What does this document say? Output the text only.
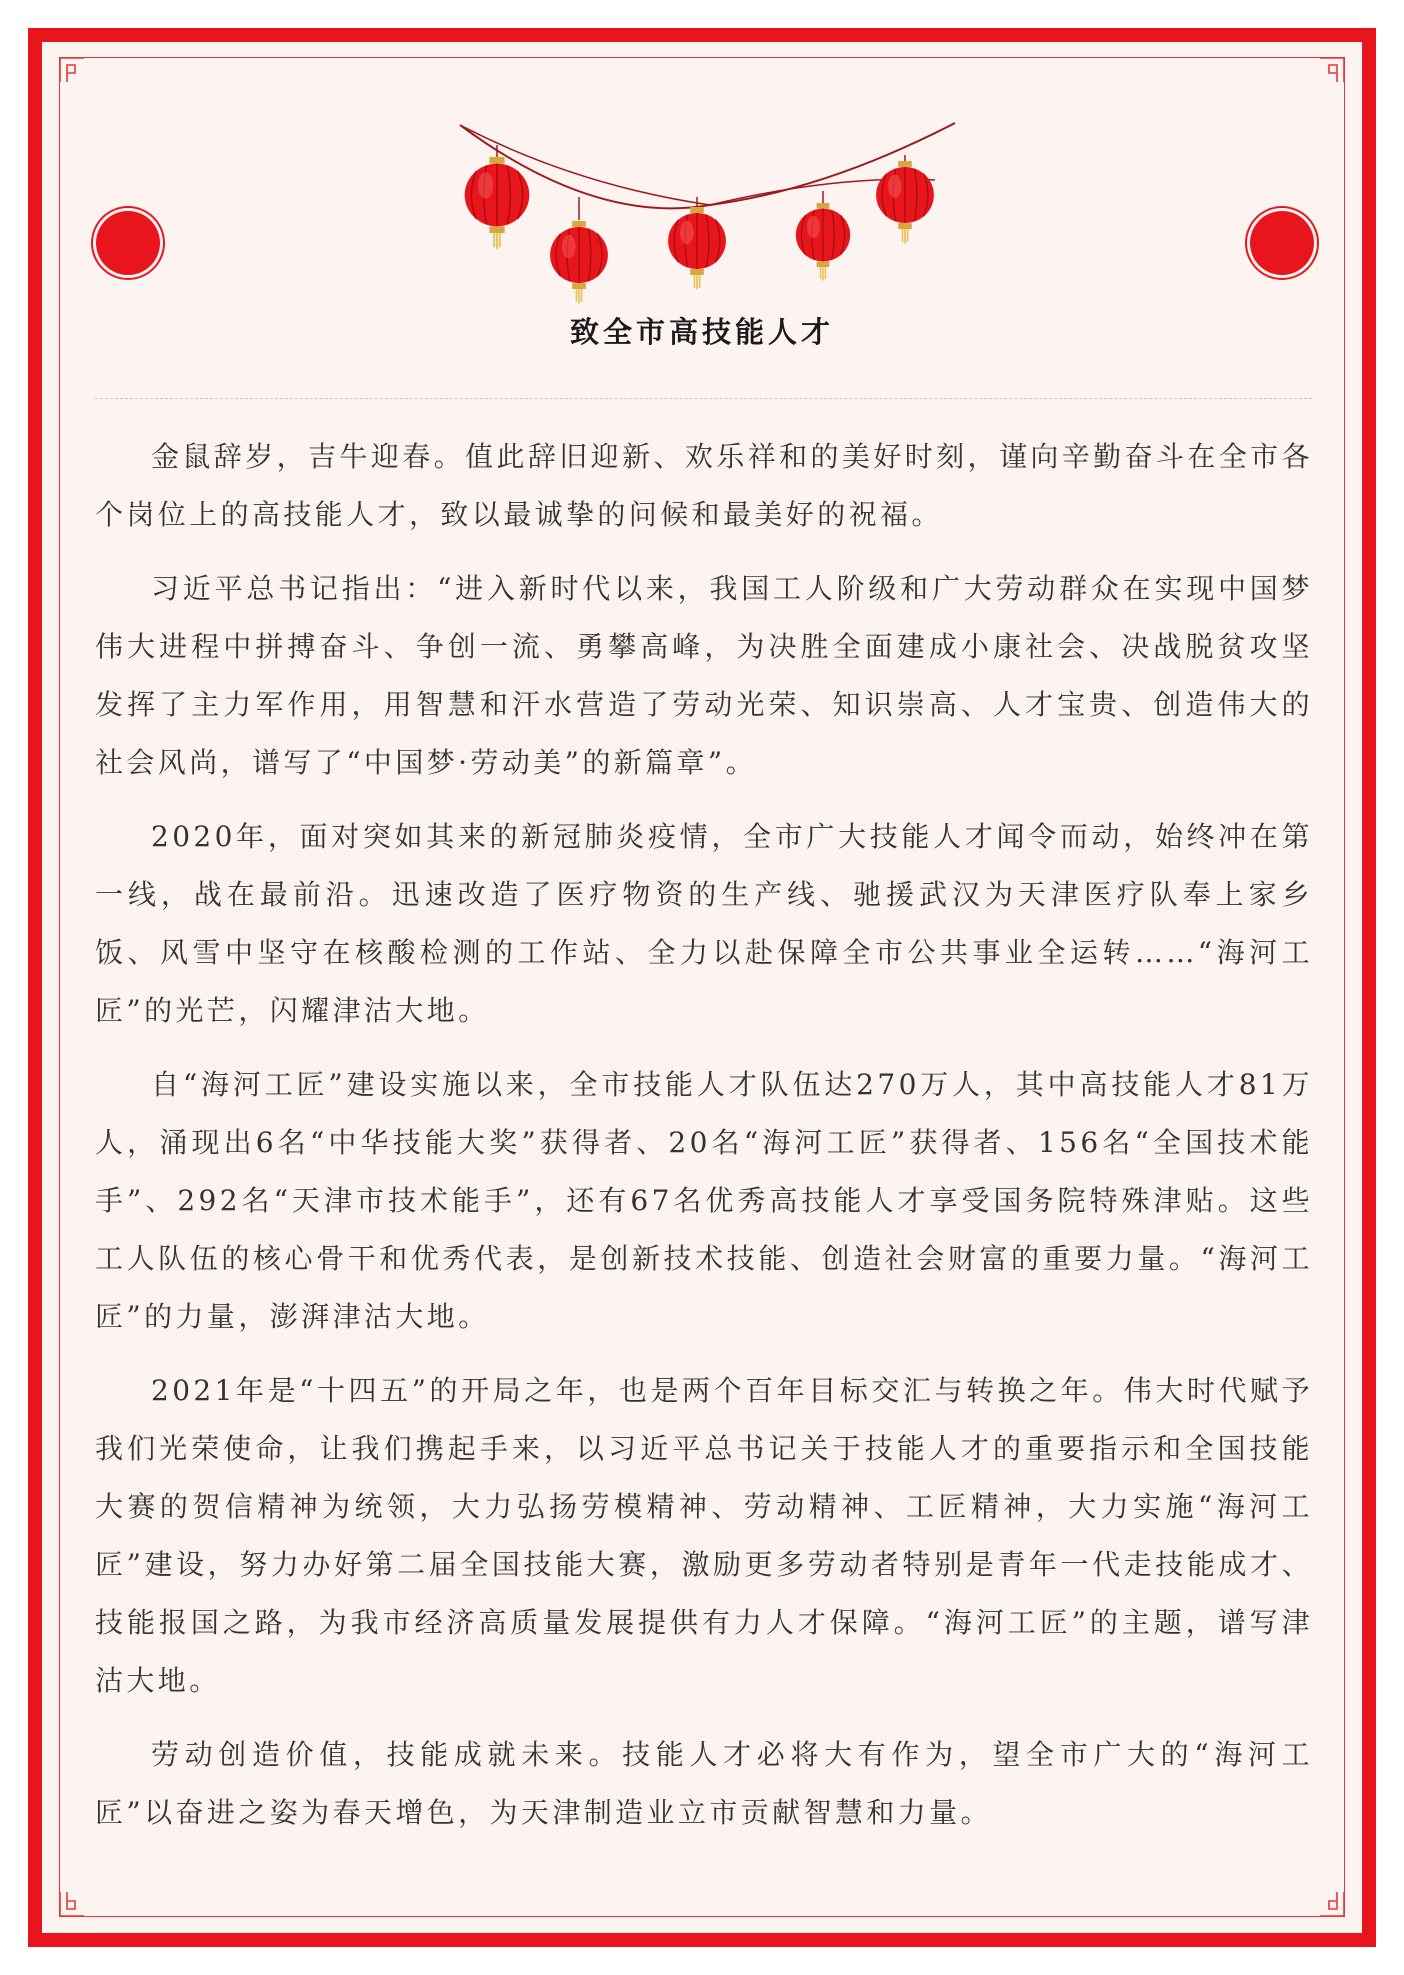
致全市高技能人才

金鼠辞岁，吉牛迎春。值此辞旧迎新、欢乐祥和的美好时刻，谨向辛勤奋斗在全市各个岗位上的高技能人才，致以最诚挚的问候和最美好的祝福。

习近平总书记指出：“进入新时代以来，我国工人阶级和广大劳动群众在实现中国梦伟大进程中拼搏奋斗、争创一流、勇攀高峰，为决胜全面建成小康社会、决战脱贫攻坚发挥了主力军作用，用智慧和汗水营造了劳动光荣、知识崇高、人才宝贵、创造伟大的社会风尚，谱写了“中国梦·劳动美”的新篇章”。

2020年，面对突如其来的新冠肺炎疫情，全市广大技能人才闻令而动，始终冲在第一线，战在最前沿。迅速改造了医疗物资的生产线、驰援武汉为天津医疗队奉上家乡饭、风雪中坚守在核酸检测的工作站、全力以赴保障全市公共事业全运转……“海河工匠”的光芒，闪耀津沽大地。

自“海河工匠”建设实施以来，全市技能人才队伍达270万人，其中高技能人才81万人，涌现出6名“中华技能大奖”获得者、20名“海河工匠”获得者、156名“全国技术能手”、292名“天津市技术能手”，还有67名优秀高技能人才享受国务院特殊津贴。这些工人队伍的核心骨干和优秀代表，是创新技术技能、创造社会财富的重要力量。“海河工匠”的力量，澎湃津沽大地。

2021年是“十四五”的开局之年，也是两个百年目标交汇与转换之年。伟大时代赋予我们光荣使命，让我们携起手来，以习近平总书记关于技能人才的重要指示和全国技能大赛的贺信精神为统领，大力弘扬劳模精神、劳动精神、工匠精神，大力实施“海河工匠”建设，努力办好第二届全国技能大赛，激励更多劳动者特别是青年一代走技能成才、技能报国之路，为我市经济高质量发展提供有力人才保障。“海河工匠”的主题，谱写津沽大地。

劳动创造价值，技能成就未来。技能人才必将大有作为，望全市广大的“海河工匠”以奋进之姿为春天增色，为天津制造业立市贡献智慧和力量。
